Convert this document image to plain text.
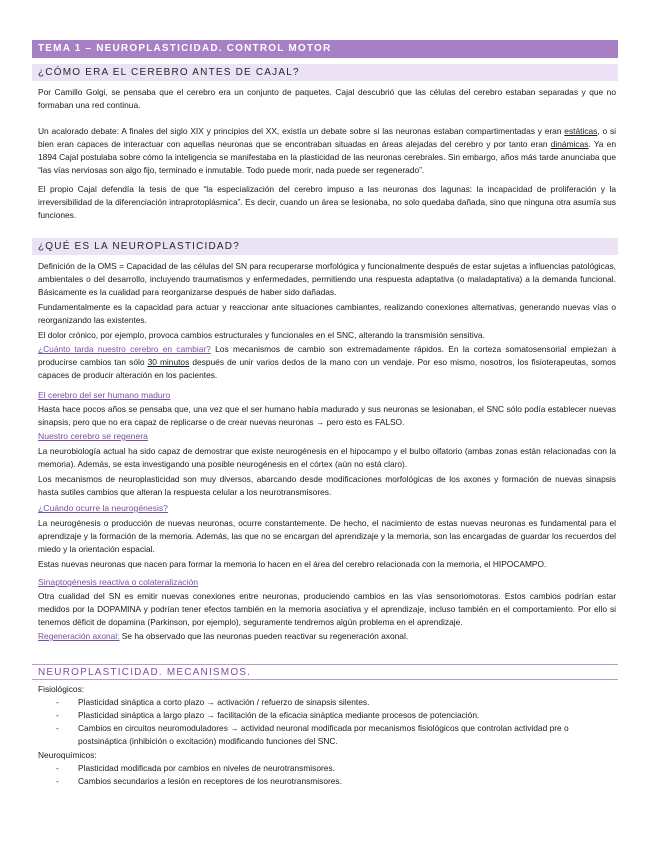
TEMA 1 – NEUROPLASTICIDAD. CONTROL MOTOR
¿CÓMO ERA EL CEREBRO ANTES DE CAJAL?

Por Camillo Golgi, se pensaba que el cerebro era un conjunto de paquetes. Cajal descubrió que las células del cerebro estaban separadas y que no formaban una red continua.

Un acalorado debate: A finales del siglo XIX y principios del XX, existía un debate sobre si las neuronas estaban compartimentadas y eran estáticas, o si bien eran capaces de interactuar con aquellas neuronas que se encontraban situadas en áreas alejadas del cerebro y por tanto eran dinámicas. Ya en 1894 Cajal postulaba sobre cómo la inteligencia se manifestaba en la plasticidad de las neuronas cerebrales. Sin embargo, años más tarde anunciaba que “las vías nerviosas son algo fijo, terminado e inmutable. Todo puede morir, nada puede ser regenerado”.

El propio Cajal defendía la tesis de que “la especialización del cerebro impuso a las neuronas dos lagunas: la incapacidad de proliferación y la irreversibilidad de la diferenciación intraprotoplásmica”. Es decir, cuando un área se lesionaba, no solo quedaba dañada, sino que ninguna otra asumía sus funciones.

¿QUÉ ES LA NEUROPLASTICIDAD?

Definición de la OMS = Capacidad de las células del SN para recuperarse morfológica y funcionalmente después de estar sujetas a influencias patológicas, ambientales o del desarrollo, incluyendo traumatismos y enfermedades, permitiendo una respuesta adaptativa (o maladaptativa) a la demanda funcional. Básicamente es la cualidad para reorganizarse después de haber sido dañadas.

Fundamentalmente es la capacidad para actuar y reaccionar ante situaciones cambiantes, realizando conexiones alternativas, generando nuevas vías o reorganizando las existentes.

El dolor crónico, por ejemplo, provoca cambios estructurales y funcionales en el SNC, alterando la transmisión sensitiva.

¿Cuánto tarda nuestro cerebro en cambiar? Los mecanismos de cambio son extremadamente rápidos. En la corteza somatosensorial empiezan a producirse cambios tan sólo 30 minutos después de unir varios dedos de la mano con un vendaje. Por eso mismo, nosotros, los fisioterapeutas, somos capaces de producir alteración en los pacientes.

El cerebro del ser humano maduro

Hasta hace pocos años se pensaba que, una vez que el ser humano había madurado y sus neuronas se lesionaban, el SNC sólo podía establecer nuevas sinapsis, pero que no era capaz de replicarse o de crear nuevas neuronas → pero esto es FALSO.

Nuestro cerebro se regenera

La neurobiología actual ha sido capaz de demostrar que existe neurogénesis en el hipocampo y el bulbo olfatorio (ambas zonas están relacionadas con la memoria). Además, se esta investigando una posible neurogénesis en el córtex (aún no está claro).

Los mecanismos de neuroplasticidad son muy diversos, abarcando desde modificaciones morfológicas de los axones y formación de nuevas sinapsis hasta sutiles cambios que alteran la respuesta celular a los neurotransmisores.

¿Cuándo ocurre la neurogénesis?

La neurogénesis o producción de nuevas neuronas, ocurre constantemente. De hecho, el nacimiento de estas nuevas neuronas es fundamental para el aprendizaje y la formación de la memoria. Además, las que no se encargan del aprendizaje y la memoria, son las encargadas de guardar los recuerdos del miedo y la orientación espacial.

Estas nuevas neuronas que nacen para formar la memoria lo hacen en el área del cerebro relacionada con la memoria, el HIPOCAMPO.

Sinaptogénesis reactiva o colateralización

Otra cualidad del SN es emitir nuevas conexiones entre neuronas, produciendo cambios en las vías sensoriomotoras. Estos cambios podrían estar medidos por la DOPAMINA y podrían tener efectos también en la memoria asociativa y el aprendizaje, incluso también en el comportamiento. Por ello si tenemos déficit de dopamina (Parkinson, por ejemplo), seguramente tendremos algún problema en el aprendizaje.

Regeneración axonal: Se ha observado que las neuronas pueden reactivar su regeneración axonal.

NEUROPLASTICIDAD. MECANISMOS.

Fisiológicos:

- Plasticidad sináptica a corto plazo → activación / refuerzo de sinapsis silentes.
- Plasticidad sináptica a largo plazo → facilitación de la eficacia sináptica mediante procesos de potenciación.
- Cambios en circuitos neuromoduladores → actividad neuronal modificada por mecanismos fisiológicos que controlan actividad pre o postsináptica (inhibición o excitación) modificando funciones del SNC.

Neuroquímicos:

- Plasticidad modificada por cambios en niveles de neurotransmisores.
- Cambios secundarios a lesión en receptores de los neurotransmisores.
